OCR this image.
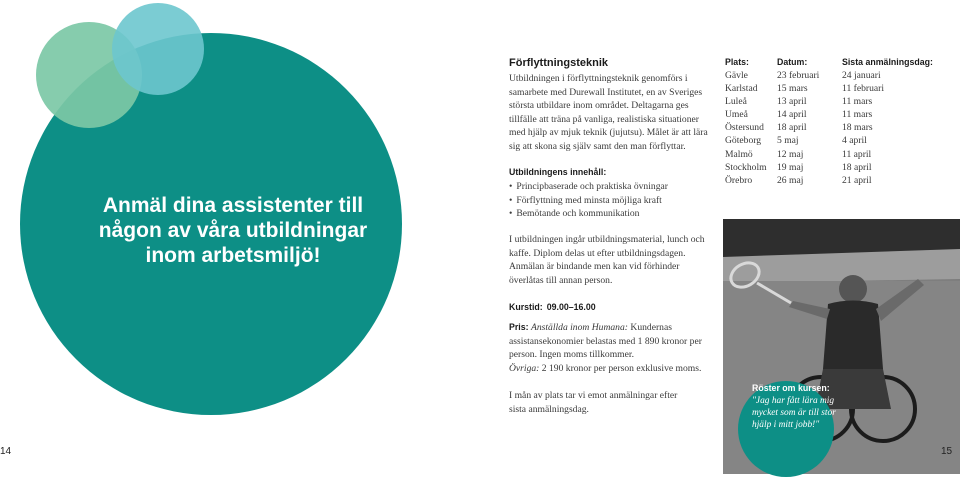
Anmäl dina assistenter till någon av våra utbildningar inom arbetsmiljö!
14
Förflyttningsteknik
Utbildningen i förflyttningsteknik genomförs i samarbete med Durewall Institutet, en av Sveriges största utbildare inom området. Deltagarna ges tillfälle att träna på vanliga, realistiska situationer med hjälp av mjuk teknik (jujutsu). Målet är att lära sig att skona sig själv samt den man förflyttar.
Utbildningens innehåll:
• Principbaserade och praktiska övningar
• Förflyttning med minsta möjliga kraft
• Bemötande och kommunikation
I utbildningen ingår utbildningsmaterial, lunch och kaffe. Diplom delas ut efter utbildningsdagen. Anmälan är bindande men kan vid förhinder överlåtas till annan person.
Kurstid: 09.00–16.00
Pris: Anställda inom Humana: Kundernas assistansekonomier belastas med 1 890 kronor per person. Ingen moms tillkommer.
Övriga: 2 190 kronor per person exklusive moms.
I mån av plats tar vi emot anmälningar efter sista anmälningsdag.
Plats:	Datum:	Sista anmälningsdag:
Gävle	23 februari	24 januari
Karlstad	15 mars	11 februari
Luleå	13 april	11 mars
Umeå	14 april	11 mars
Östersund	18 april	18 mars
Göteborg	5 maj	4 april
Malmö	12 maj	11 april
Stockholm	19 maj	18 april
Örebro	26 maj	21 april
Röster om kursen:
"Jag har fått lära mig mycket som är till stor hjälp i mitt jobb!"
15
